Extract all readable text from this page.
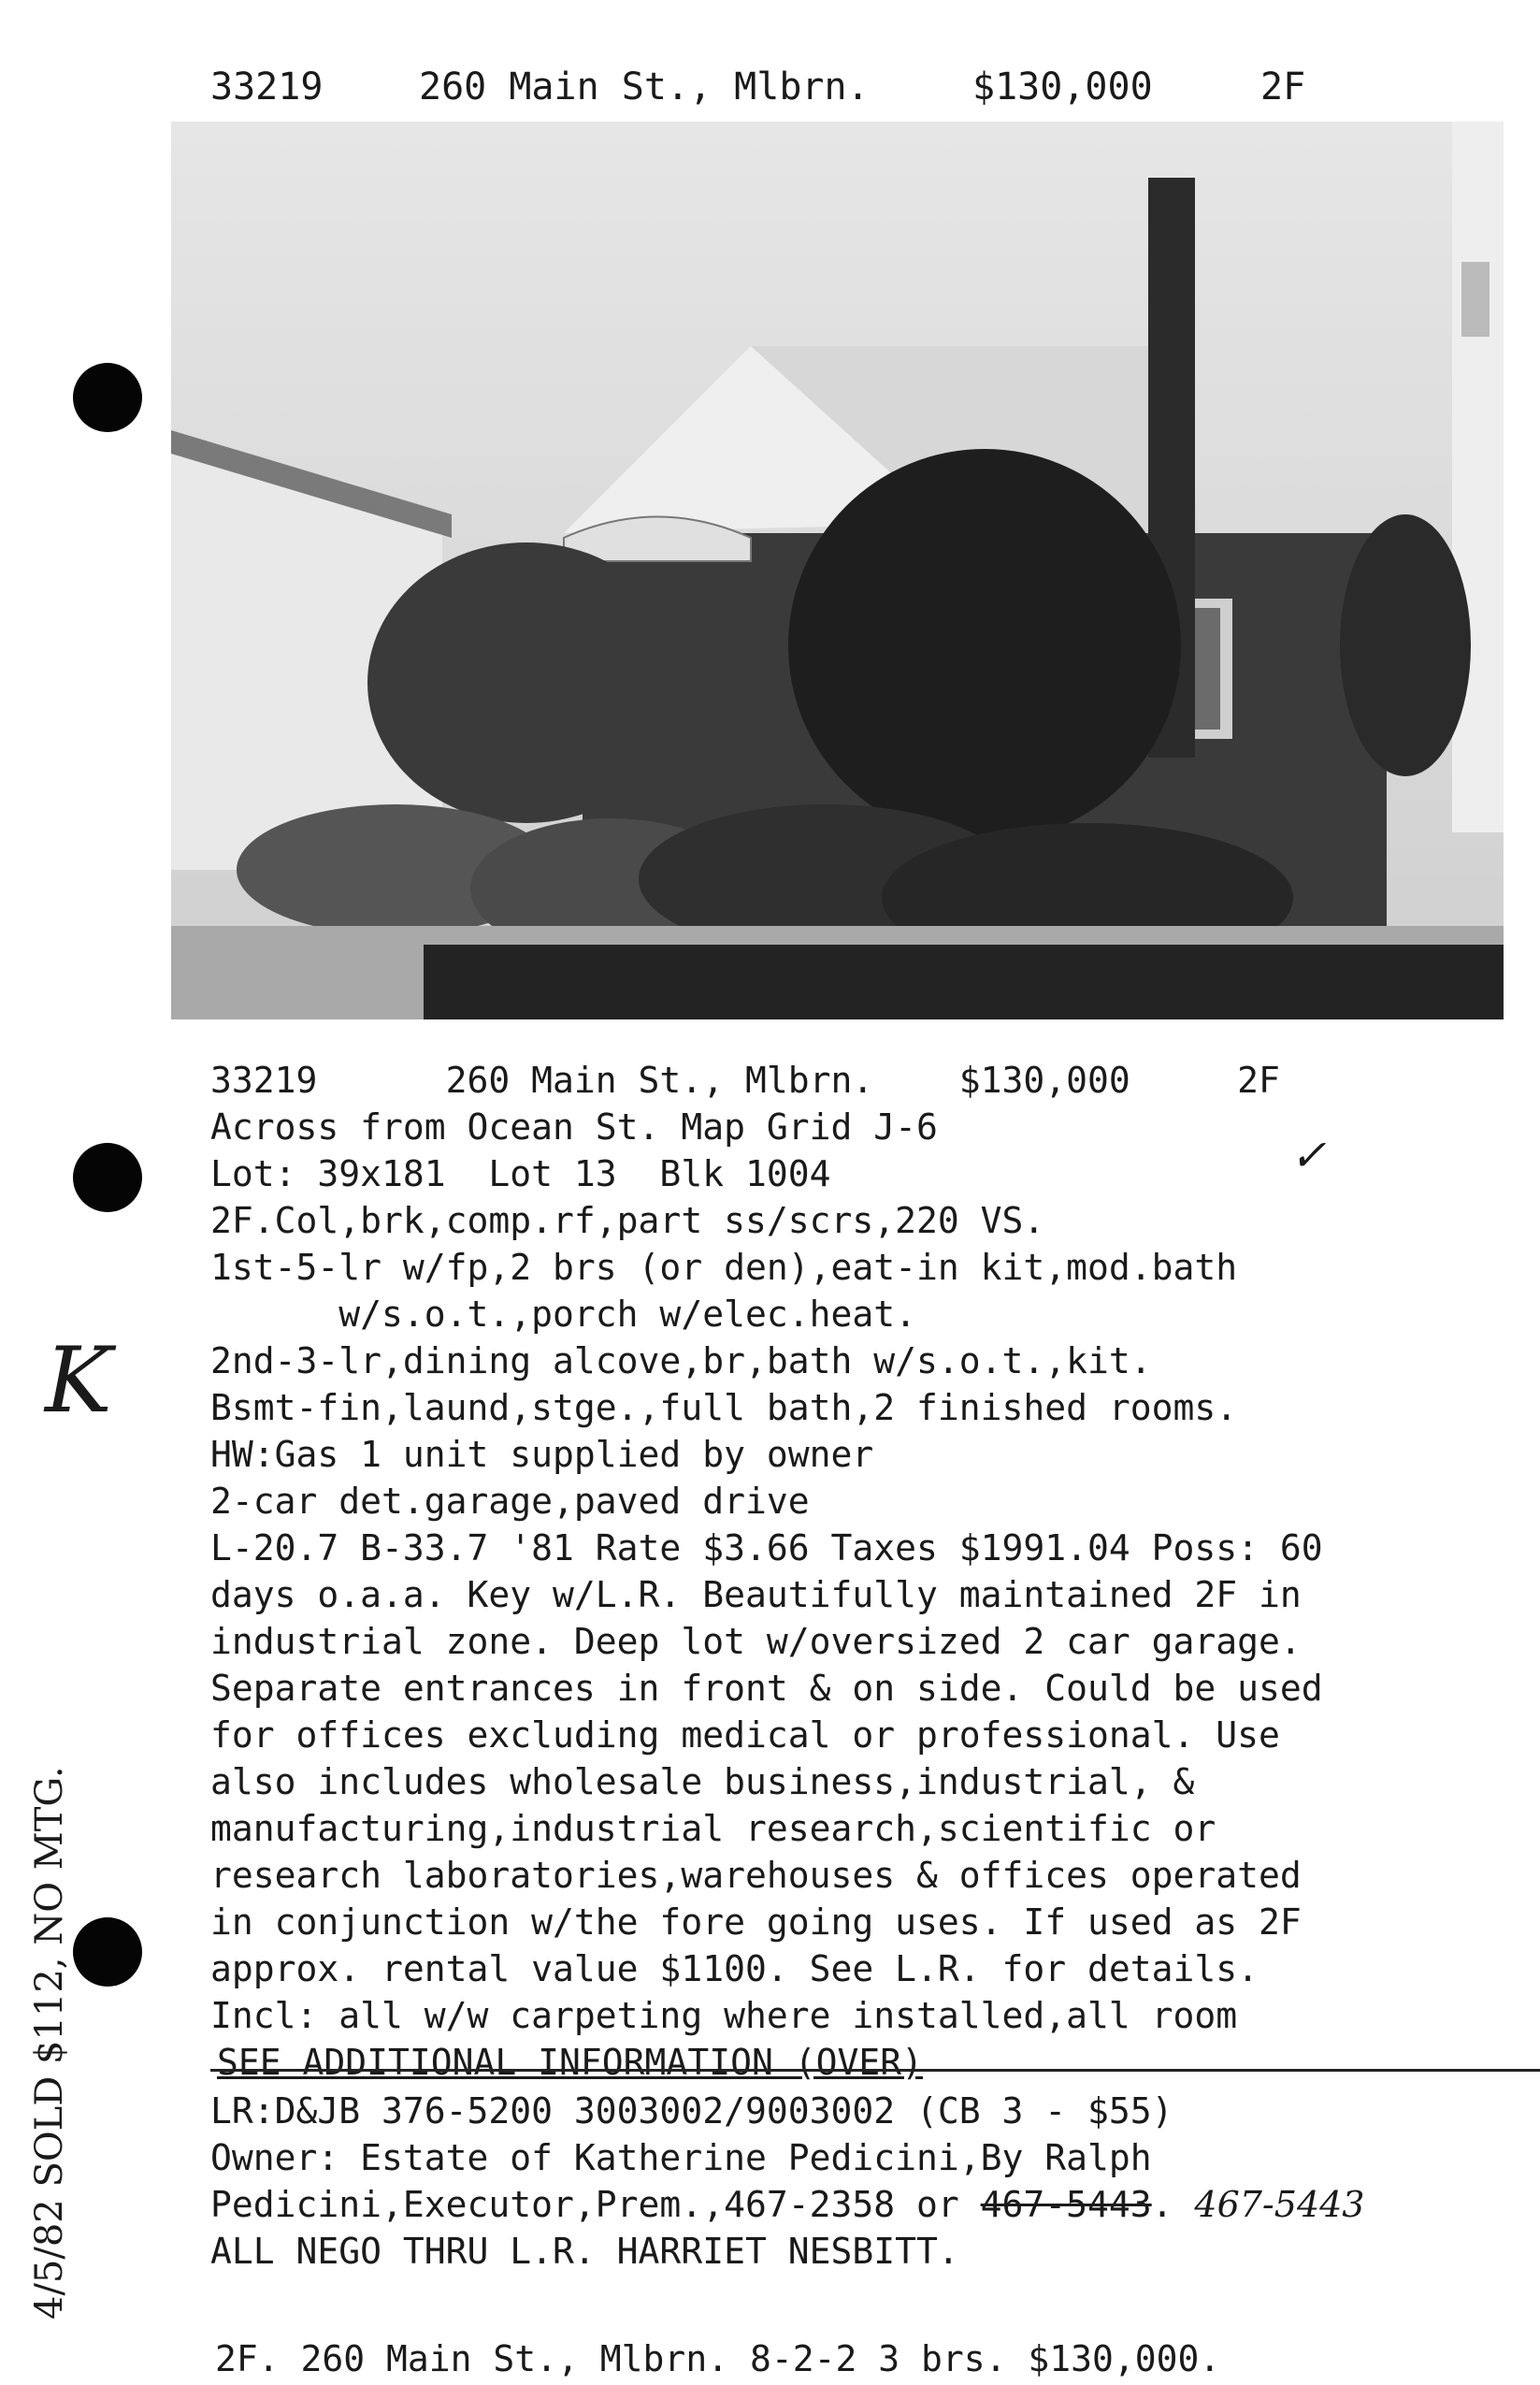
33219	260 Main St., Mlbrn.	$130,000	2F
33219      260 Main St., Mlbrn.    $130,000     2F
Across from Ocean St. Map Grid J-6
Lot: 39x181  Lot 13  Blk 1004
2F.Col,brk,comp.rf,part ss/scrs,220 VS.
1st-5-lr w/fp,2 brs (or den),eat-in kit,mod.bath
w/s.o.t.,porch w/elec.heat.
2nd-3-lr,dining alcove,br,bath w/s.o.t.,kit.
Bsmt-fin,laund,stge.,full bath,2 finished rooms.
HW:Gas 1 unit supplied by owner
2-car det.garage,paved drive
L-20.7 B-33.7 '81 Rate $3.66 Taxes $1991.04 Poss: 60
days o.a.a. Key w/L.R. Beautifully maintained 2F in
industrial zone. Deep lot w/oversized 2 car garage.
Separate entrances in front & on side. Could be used
for offices excluding medical or professional. Use
also includes wholesale business,industrial, &
manufacturing,industrial research,scientific or
research laboratories,warehouses & offices operated
in conjunction w/the fore going uses. If used as 2F
approx. rental value $1100. See L.R. for details.
Incl: all w/w carpeting where installed,all room
SEE ADDITIONAL INFORMATION (OVER)
LR:D&JB 376-5200 3003002/9003002 (CB 3 - $55)
Owner: Estate of Katherine Pedicini,By Ralph
Pedicini,Executor,Prem.,467-2358 or 467-5443. 467-5443
ALL NEGO THRU L.R. HARRIET NESBITT.
✓
K
4/5/82 SOLD $112, NO MTG.
2F. 260 Main St., Mlbrn. 8-2-2 3 brs. $130,000.
